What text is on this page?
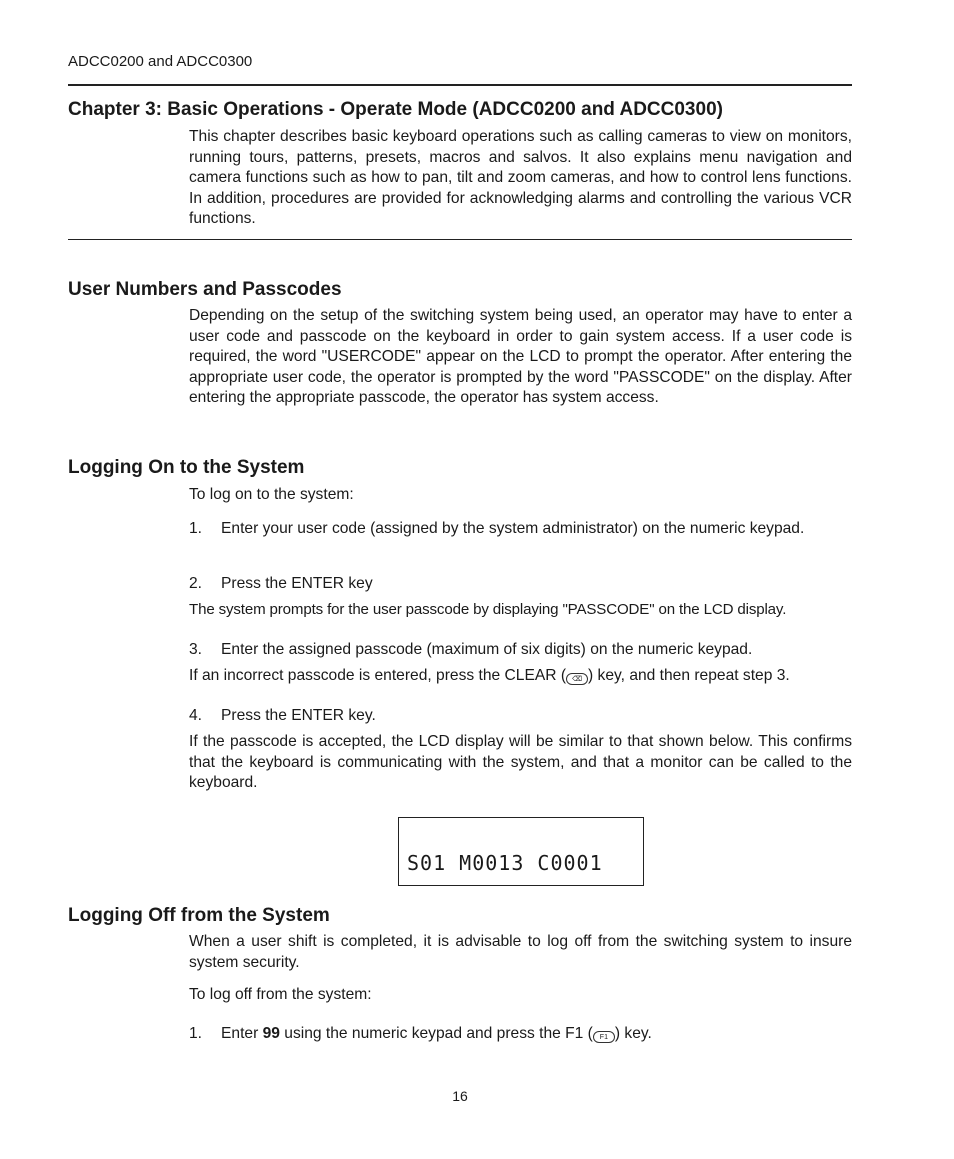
ADCC0200 and ADCC0300
Chapter 3: Basic Operations - Operate Mode (ADCC0200 and ADCC0300)

This chapter describes basic keyboard operations such as calling cameras to view on monitors, running tours, patterns, presets, macros and salvos. It also explains menu navigation and camera functions such as how to pan, tilt and zoom cameras, and how to control lens functions. In addition, procedures are provided for acknowledging alarms and controlling the various VCR functions.

User Numbers and Passcodes

Depending on the setup of the switching system being used, an operator may have to enter a user code and passcode on the keyboard in order to gain system access. If a user code is required, the word "USERCODE" appear on the LCD to prompt the operator. After entering the appropriate user code, the operator is prompted by the word "PASSCODE" on the display. After entering the appropriate passcode, the operator has system access.

Logging On to the System
To log on to the system:
1. Enter your user code (assigned by the system administrator) on the numeric keypad.
2. Press the ENTER key
The system prompts for the user passcode by displaying "PASSCODE" on the LCD display.
3. Enter the assigned passcode (maximum of six digits) on the numeric keypad.
If an incorrect passcode is entered, press the CLEAR ( ⌫ ) key, and then repeat step 3.
4. Press the ENTER key.

If the passcode is accepted, the LCD display will be similar to that shown below. This confirms that the keyboard is communicating with the system, and that a monitor can be called to the keyboard.

S01 M0013 C0001
Logging Off from the System

When a user shift is completed, it is advisable to log off from the switching system to insure system security.

To log off from the system:
1. Enter 99 using the numeric keypad and press the F1 ( F1 ) key.
16
